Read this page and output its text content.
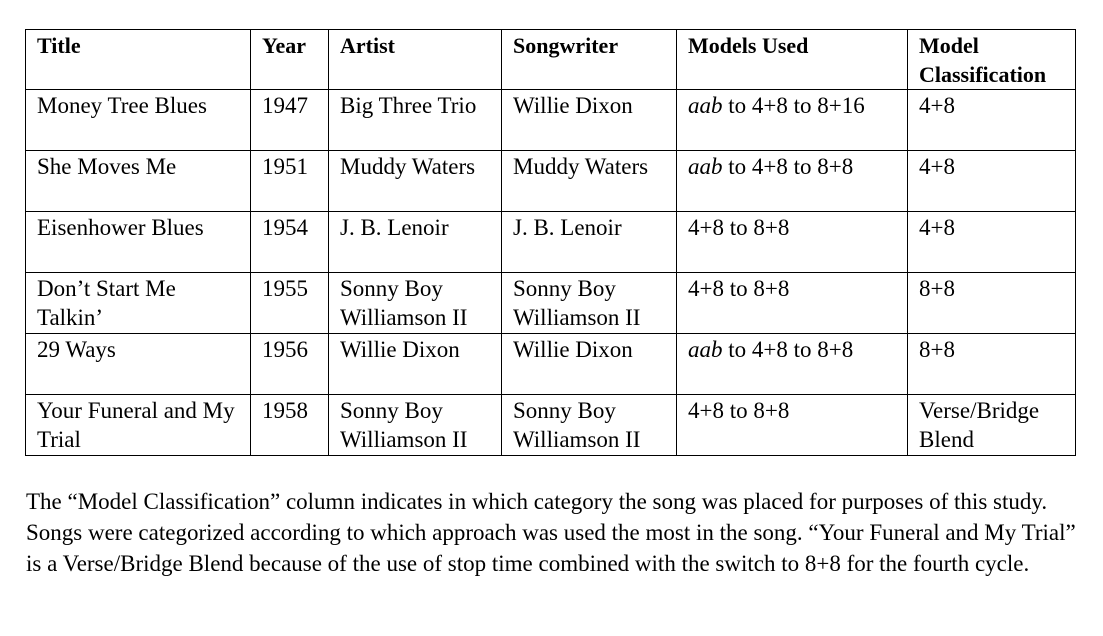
Title	Year	Artist	Songwriter	Models Used	Model Classification
Money Tree Blues	1947	Big Three Trio	Willie Dixon	aab to 4+8 to 8+16	4+8
She Moves Me	1951	Muddy Waters	Muddy Waters	aab to 4+8 to 8+8	4+8
Eisenhower Blues	1954	J. B. Lenoir	J. B. Lenoir	4+8 to 8+8	4+8
Don’t Start Me Talkin’	1955	Sonny Boy Williamson II	Sonny Boy Williamson II	4+8 to 8+8	8+8
29 Ways	1956	Willie Dixon	Willie Dixon	aab to 4+8 to 8+8	8+8
Your Funeral and My Trial	1958	Sonny Boy Williamson II	Sonny Boy Williamson II	4+8 to 8+8	Verse/Bridge Blend

The “Model Classification” column indicates in which category the song was placed for purposes of this study. Songs were categorized according to which approach was used the most in the song. “Your Funeral and My Trial” is a Verse/Bridge Blend because of the use of stop time combined with the switch to 8+8 for the fourth cycle.
